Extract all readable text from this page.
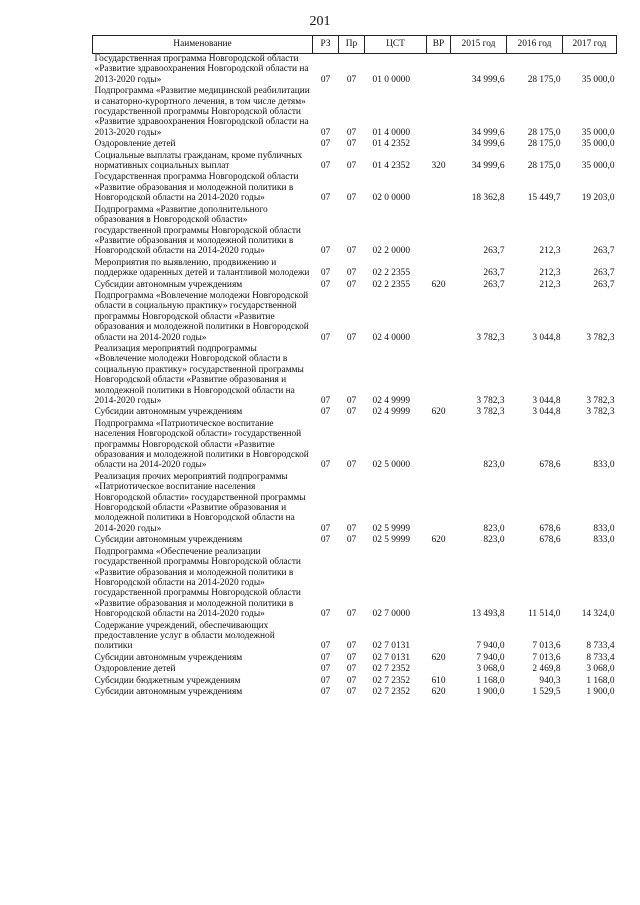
201
Наименование	РЗ	Пр	ЦСТ	ВР	2015 год	2016 год	2017 год
Государственная программа Новгородской области «Развитие здравоохранения Новгородской области на 2013-2020 годы»	07	07	01 0 0000		34 999,6	28 175,0	35 000,0
Подпрограмма «Развитие медицинской реабилитации и санаторно-курортного лечения, в том числе детям» государственной программы Новгородской области «Развитие здравоохранения Новгородской области на 2013-2020 годы»	07	07	01 4 0000		34 999,6	28 175,0	35 000,0
Оздоровление детей	07	07	01 4 2352		34 999,6	28 175,0	35 000,0
Социальные выплаты гражданам, кроме публичных нормативных социальных выплат	07	07	01 4 2352	320	34 999,6	28 175,0	35 000,0
Государственная программа Новгородской области «Развитие образования и молодежной политики в Новгородской области на 2014-2020 годы»	07	07	02 0 0000		18 362,8	15 449,7	19 203,0
Подпрограмма «Развитие дополнительного образования в Новгородской области» государственной программы Новгородской области «Развитие образования и молодежной политики в Новгородской области на 2014-2020 годы»	07	07	02 2 0000		263,7	212,3	263,7
Мероприятия по выявлению, продвижению и поддержке одаренных детей и талантливой молодежи	07	07	02 2 2355		263,7	212,3	263,7
Субсидии автономным учреждениям	07	07	02 2 2355	620	263,7	212,3	263,7
Подпрограмма «Вовлечение молодежи Новгородской области в социальную практику» государственной программы Новгородской области «Развитие образования и молодежной политики в Новгородской области на 2014-2020 годы»	07	07	02 4 0000		3 782,3	3 044,8	3 782,3
Реализация мероприятий подпрограммы «Вовлечение молодежи Новгородской области в социальную практику» государственной программы Новгородской области «Развитие образования и молодежной политики в Новгородской области на 2014-2020 годы»	07	07	02 4 9999		3 782,3	3 044,8	3 782,3
Субсидии автономным учреждениям	07	07	02 4 9999	620	3 782,3	3 044,8	3 782,3
Подпрограмма «Патриотическое воспитание населения Новгородской области» государственной программы Новгородской области «Развитие образования и молодежной политики в Новгородской области на 2014-2020 годы»	07	07	02 5 0000		823,0	678,6	833,0
Реализация прочих мероприятий подпрограммы «Патриотическое воспитание населения Новгородской области» государственной программы Новгородской области «Развитие образования и молодежной политики в Новгородской области на 2014-2020 годы»	07	07	02 5 9999		823,0	678,6	833,0
Субсидии автономным учреждениям	07	07	02 5 9999	620	823,0	678,6	833,0
Подпрограмма «Обеспечение реализации государственной программы Новгородской области «Развитие образования и молодежной политики в Новгородской области на 2014-2020 годы» государственной программы Новгородской области «Развитие образования и молодежной политики в Новгородской области на 2014-2020 годы»	07	07	02 7 0000		13 493,8	11 514,0	14 324,0
Содержание учреждений, обеспечивающих предоставление услуг в области молодежной политики	07	07	02 7 0131		7 940,0	7 013,6	8 733,4
Субсидии автономным учреждениям	07	07	02 7 0131	620	7 940,0	7 013,6	8 733,4
Оздоровление детей	07	07	02 7 2352		3 068,0	2 469,8	3 068,0
Субсидии бюджетным учреждениям	07	07	02 7 2352	610	1 168,0	940,3	1 168,0
Субсидии автономным учреждениям	07	07	02 7 2352	620	1 900,0	1 529,5	1 900,0
